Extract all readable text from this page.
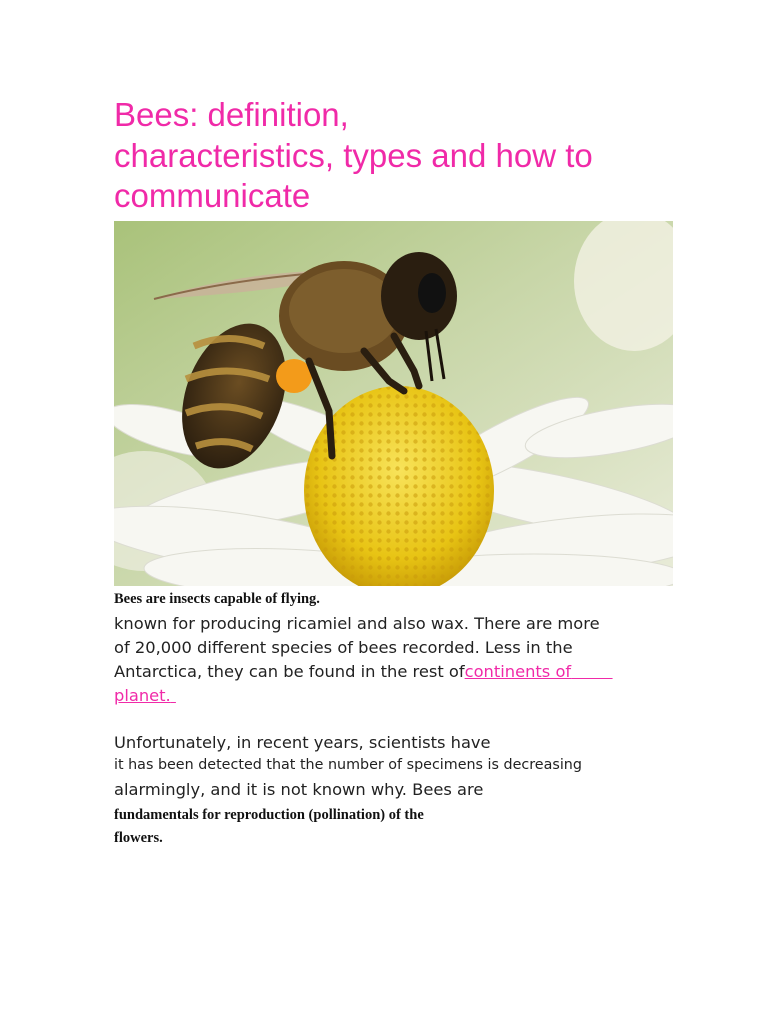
Bees: definition,
characteristics, types and how to
communicate

Bees are insects capable of flying.

known for producing ricamiel and also wax. There are more
of 20,000 different species of bees recorded. Less in the
Antarctica, they can be found in the rest ofcontinents of
planet.

Unfortunately, in recent years, scientists have

it has been detected that the number of specimens is decreasing

alarmingly, and it is not known why. Bees are

fundamentals for reproduction (pollination) of the
flowers.
